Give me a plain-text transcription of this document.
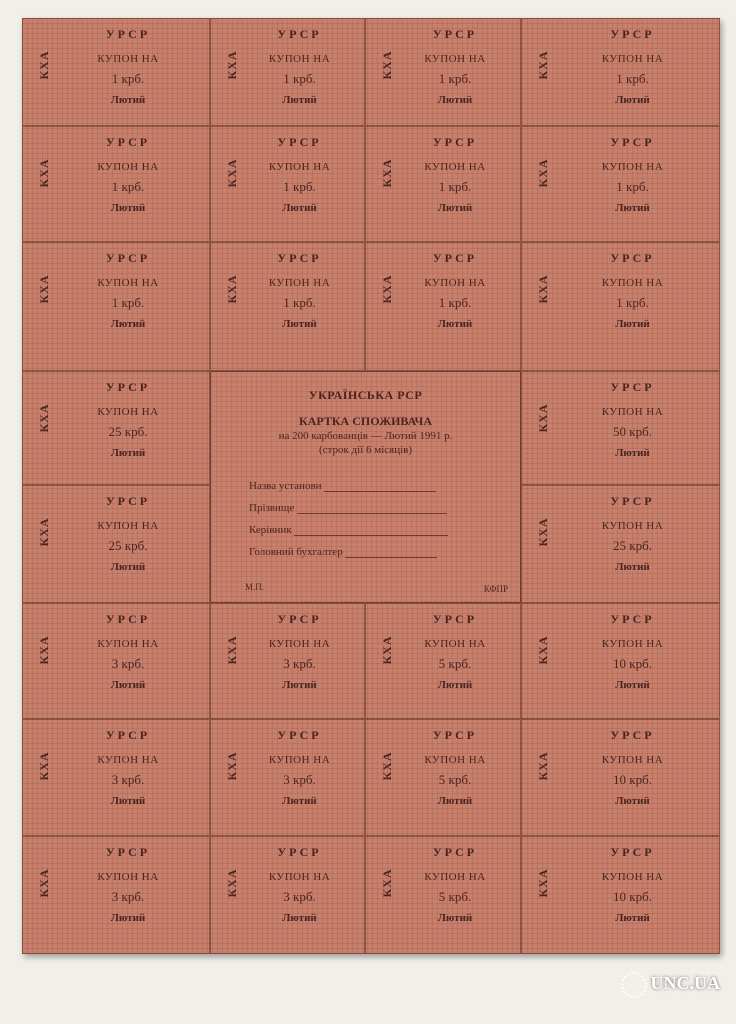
УРСР
КХА	КУПОН НА
10 крб.
Лютий
УРСР
КХА	КУПОН НА
5 крб.
Лютий
УРСР
КХА	КУПОН НА
3 крб.
Лютий
УРСР
КХА	КУПОН НА
3 крб.
Лютий
УРСР
КХА	КУПОН НА
10 крб.
Лютий
УРСР
КХА	КУПОН НА
5 крб.
Лютий
УРСР
КХА	КУПОН НА
3 крб.
Лютий
УРСР
КХА	КУПОН НА
3 крб.
Лютий
УРСР
КХА	КУПОН НА
10 крб.
Лютий
УРСР
КХА	КУПОН НА
5 крб.
Лютий
УРСР
КХА	КУПОН НА
3 крб.
Лютий
УРСР
КХА	КУПОН НА
3 крб.
Лютий
УРСР
КХА	КУПОН НА
25 крб.
Лютий
УРСР
КХА	КУПОН НА
25 крб.
Лютий
УРСР
КХА	КУПОН НА
50 крб.
Лютий
УРСР
КХА	КУПОН НА
25 крб.
Лютий
УРСР
КХА	КУПОН НА
1 крб.
Лютий
УРСР
КХА	КУПОН НА
1 крб.
Лютий
УРСР
КХА	КУПОН НА
1 крб.
Лютий
УРСР
КХА	КУПОН НА
1 крб.
Лютий
УРСР
КХА	КУПОН НА
1 крб.
Лютий
УРСР
КХА	КУПОН НА
1 крб.
Лютий
УРСР
КХА	КУПОН НА
1 крб.
Лютий
УРСР
КХА	КУПОН НА
1 крб.
Лютий
УРСР
КХА	КУПОН НА
1 крб.
Лютий
УРСР
КХА	КУПОН НА
1 крб.
Лютий
УРСР
КХА	КУПОН НА
1 крб.
Лютий
УРСР
КХА	КУПОН НА
1 крб.
Лютий
УКРАЇНСЬКА РСР
КАРТКА СПОЖИВАЧА
на 200 карбованців — Лютий 1991 р.
(строк дії 6 місяців)
Назва установи
Прізвище
Керівник
Головний бухгалтер
М.П.	КФПР
UNC.UA
